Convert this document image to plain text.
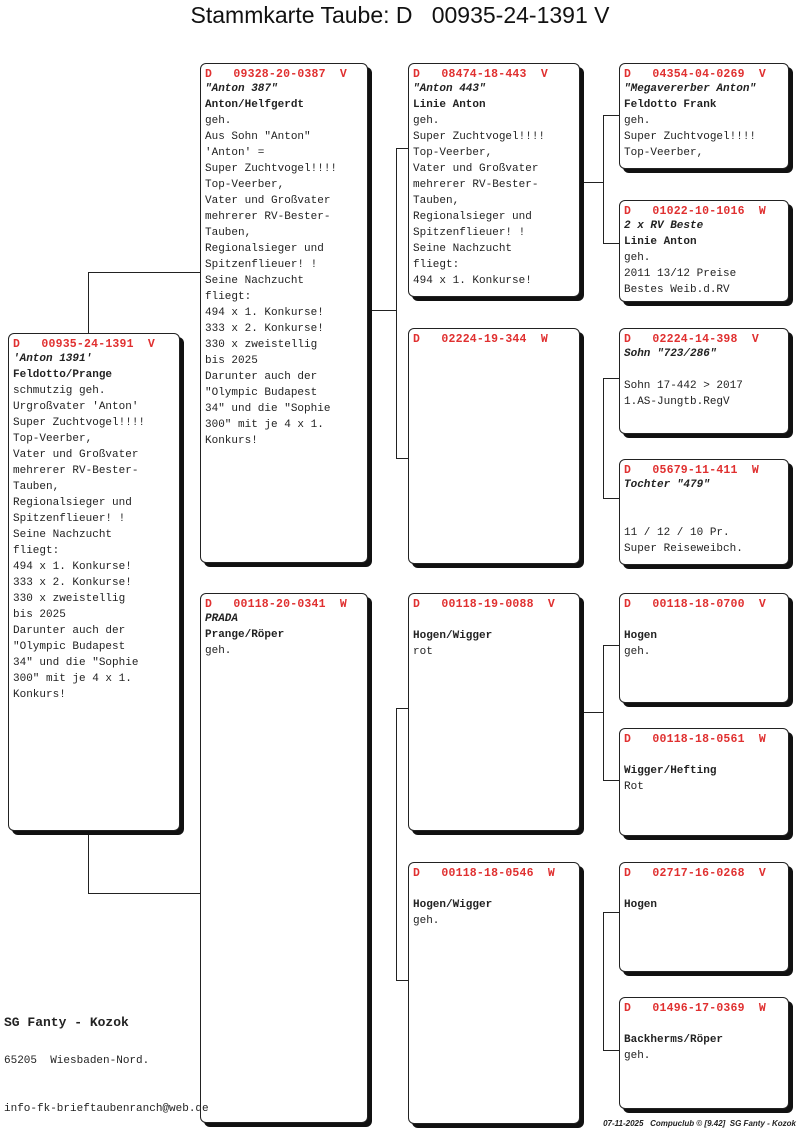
Stammkarte Taube: D   00935-24-1391 V
D   00935-24-1391  V
'Anton 1391'
Feldotto/Prange
schmutzig geh.
Urgroßvater 'Anton'
Super Zuchtvogel!!!!
Top-Veerber,
Vater und Großvater
mehrerer RV-Bester-
Tauben,
Regionalsieger und
Spitzenflieuer! !
Seine Nachzucht
fliegt:
494 x 1. Konkurse!
333 x 2. Konkurse!
330 x zweistellig
bis 2025
Darunter auch der
"Olympic Budapest
34" und die "Sophie
300" mit je 4 x 1.
Konkurs!
D   09328-20-0387  V
"Anton 387"
Anton/Helfgerdt
geh.
Aus Sohn "Anton"
'Anton' =
Super Zuchtvogel!!!!
Top-Veerber,
Vater und Großvater
mehrerer RV-Bester-
Tauben,
Regionalsieger und
Spitzenflieuer! !
Seine Nachzucht
fliegt:
494 x 1. Konkurse!
333 x 2. Konkurse!
330 x zweistellig
bis 2025
Darunter auch der
"Olympic Budapest
34" und die "Sophie
300" mit je 4 x 1.
Konkurs!
D   00118-20-0341  W
PRADA
Prange/Röper
geh.
D   08474-18-443  V
"Anton 443"
Linie Anton
geh.
Super Zuchtvogel!!!!
Top-Veerber,
Vater und Großvater
mehrerer RV-Bester-
Tauben,
Regionalsieger und
Spitzenflieuer! !
Seine Nachzucht
fliegt:
494 x 1. Konkurse!
D   02224-19-344  W
D   00118-19-0088  V
Hogen/Wigger
rot
D   00118-18-0546  W
Hogen/Wigger
geh.
D   04354-04-0269  V
"Megavererber Anton"
Feldotto Frank
geh.
Super Zuchtvogel!!!!
Top-Veerber,
D   01022-10-1016  W
2 x RV Beste
Linie Anton
geh.
2011 13/12 Preise
Bestes Weib.d.RV
D   02224-14-398  V
Sohn "723/286"
Sohn 17-442 > 2017
1.AS-Jungtb.RegV
D   05679-11-411  W
Tochter "479"
11 / 12 / 10 Pr.
Super Reiseweibch.
D   00118-18-0700  V
Hogen
geh.
D   00118-18-0561  W
Wigger/Hefting
Rot
D   02717-16-0268  V
Hogen
D   01496-17-0369  W
Backherms/Röper
geh.
SG Fanty - Kozok
65205  Wiesbaden-Nord.
info-fk-brieftaubenranch@web.de
07-11-2025   Compuclub © [9.42]  SG Fanty - Kozok
